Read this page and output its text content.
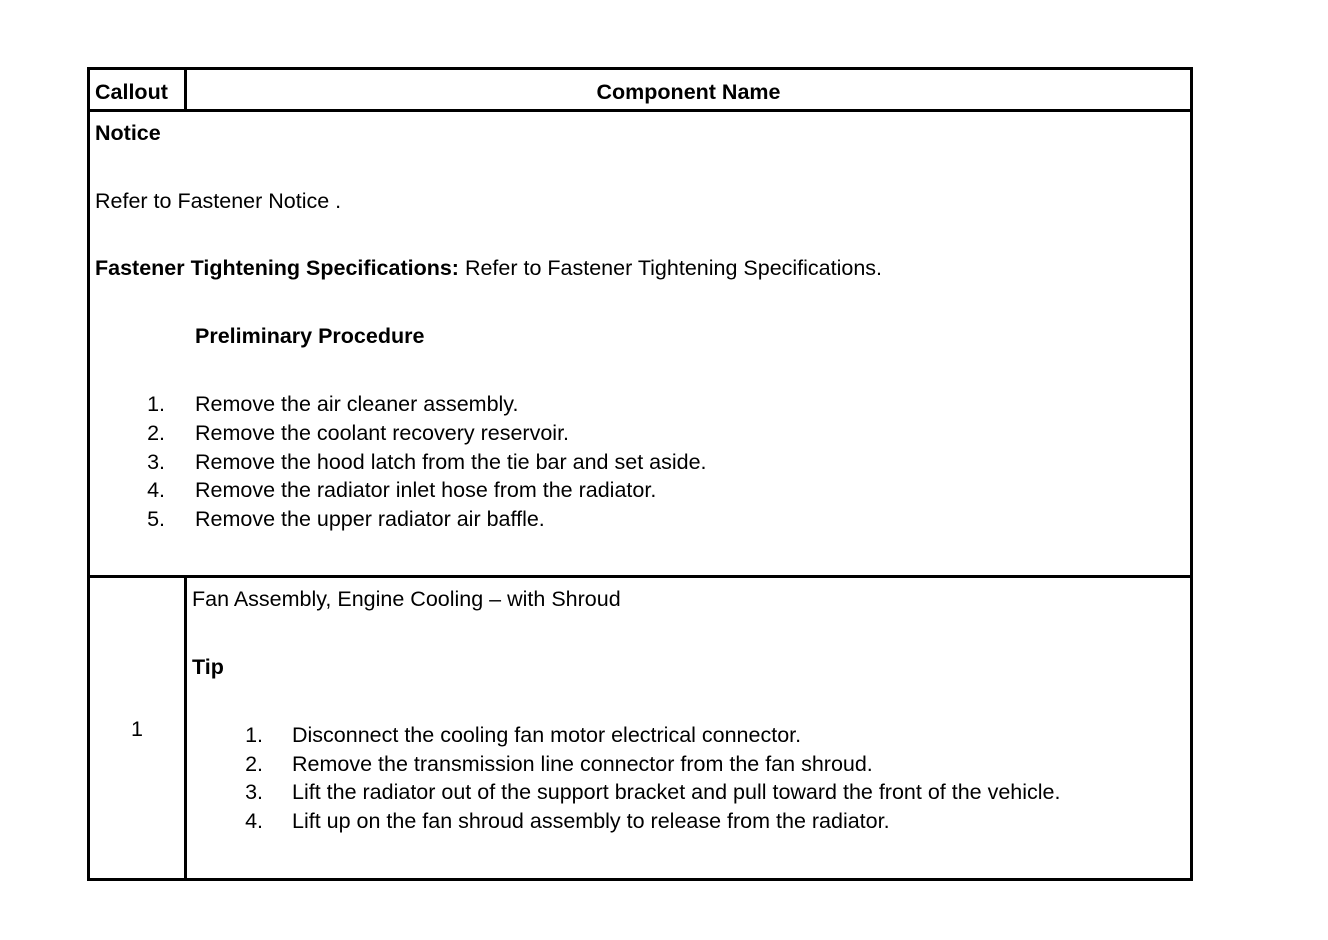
Callout	Component Name
Notice
Refer to Fastener Notice .
Fastener Tightening Specifications: Refer to Fastener Tightening Specifications.
Preliminary Procedure
1. Remove the air cleaner assembly.
2. Remove the coolant recovery reservoir.
3. Remove the hood latch from the tie bar and set aside.
4. Remove the radiator inlet hose from the radiator.
5. Remove the upper radiator air baffle.
1
Fan Assembly, Engine Cooling – with Shroud
Tip
1. Disconnect the cooling fan motor electrical connector.
2. Remove the transmission line connector from the fan shroud.
3. Lift the radiator out of the support bracket and pull toward the front of the vehicle.
4. Lift up on the fan shroud assembly to release from the radiator.
